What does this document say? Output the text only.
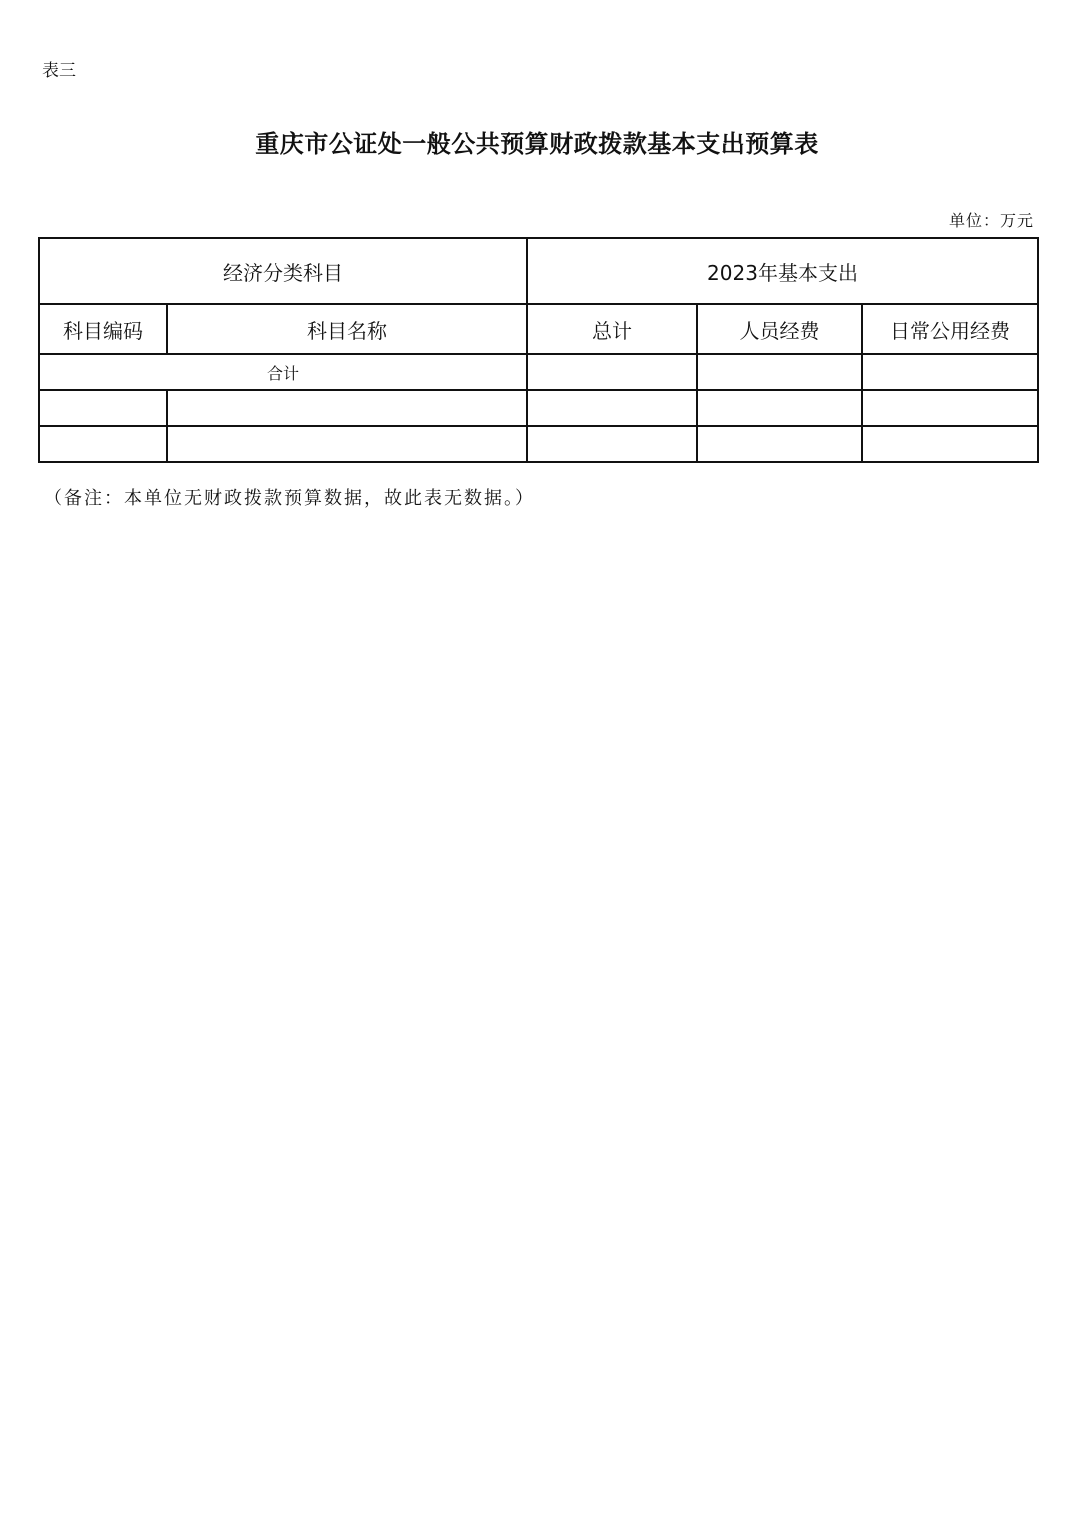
表三
重庆市公证处一般公共预算财政拨款基本支出预算表
单位：万元
经济分类科目		2023年基本支出		
科目编码	科目名称	总计	人员经费	日常公用经费
合计				

（备注：本单位无财政拨款预算数据，故此表无数据。）
